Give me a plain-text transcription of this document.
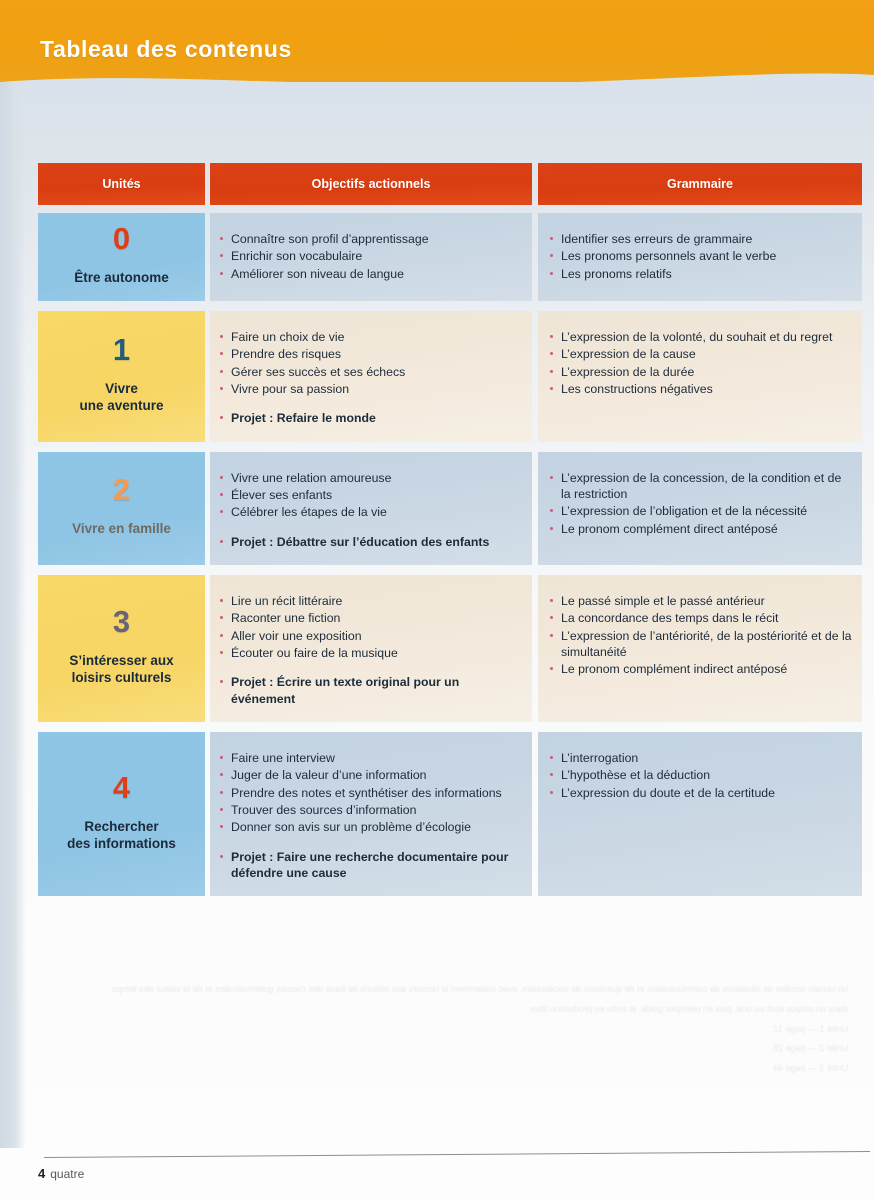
Tableau des contenus
Unités	Objectifs actionnels	Grammaire
0
Être autonome
Connaître son profil d’apprentissage
Enrichir son vocabulaire
Améliorer son niveau de langue
Identifier ses erreurs de grammaire
Les pronoms personnels avant le verbe
Les pronoms relatifs
1
Vivre
une aventure
Faire un choix de vie
Prendre des risques
Gérer ses succès et ses échecs
Vivre pour sa passion
Projet : Refaire le monde
L’expression de la volonté, du souhait et du regret
L’expression de la cause
L’expression de la durée
Les constructions négatives
2
Vivre en famille
Vivre une relation amoureuse
Élever ses enfants
Célébrer les étapes de la vie
Projet : Débattre sur l’éducation des enfants
L’expression de la concession, de la condition et de la restriction
L’expression de l’obligation et de la nécessité
Le pronom complément direct antéposé
3
S’intéresser aux
loisirs culturels
Lire un récit littéraire
Raconter une fiction
Aller voir une exposition
Écouter ou faire de la musique
Projet : Écrire un texte original pour un événement
Le passé simple et le passé antérieur
La concordance des temps dans le récit
L’expression de l’antériorité, de la postériorité et de la simultanéité
Le pronom complément indirect antéposé
4
Rechercher
des informations
Faire une interview
Juger de la valeur d’une information
Prendre des notes et synthétiser des informations
Trouver des sources d’information
Donner son avis sur un problème d’écologie
Projet : Faire une recherche documentaire pour défendre une cause
L’interrogation
L’hypothèse et la déduction
L’expression du doute et de la certitude
4 quatre
